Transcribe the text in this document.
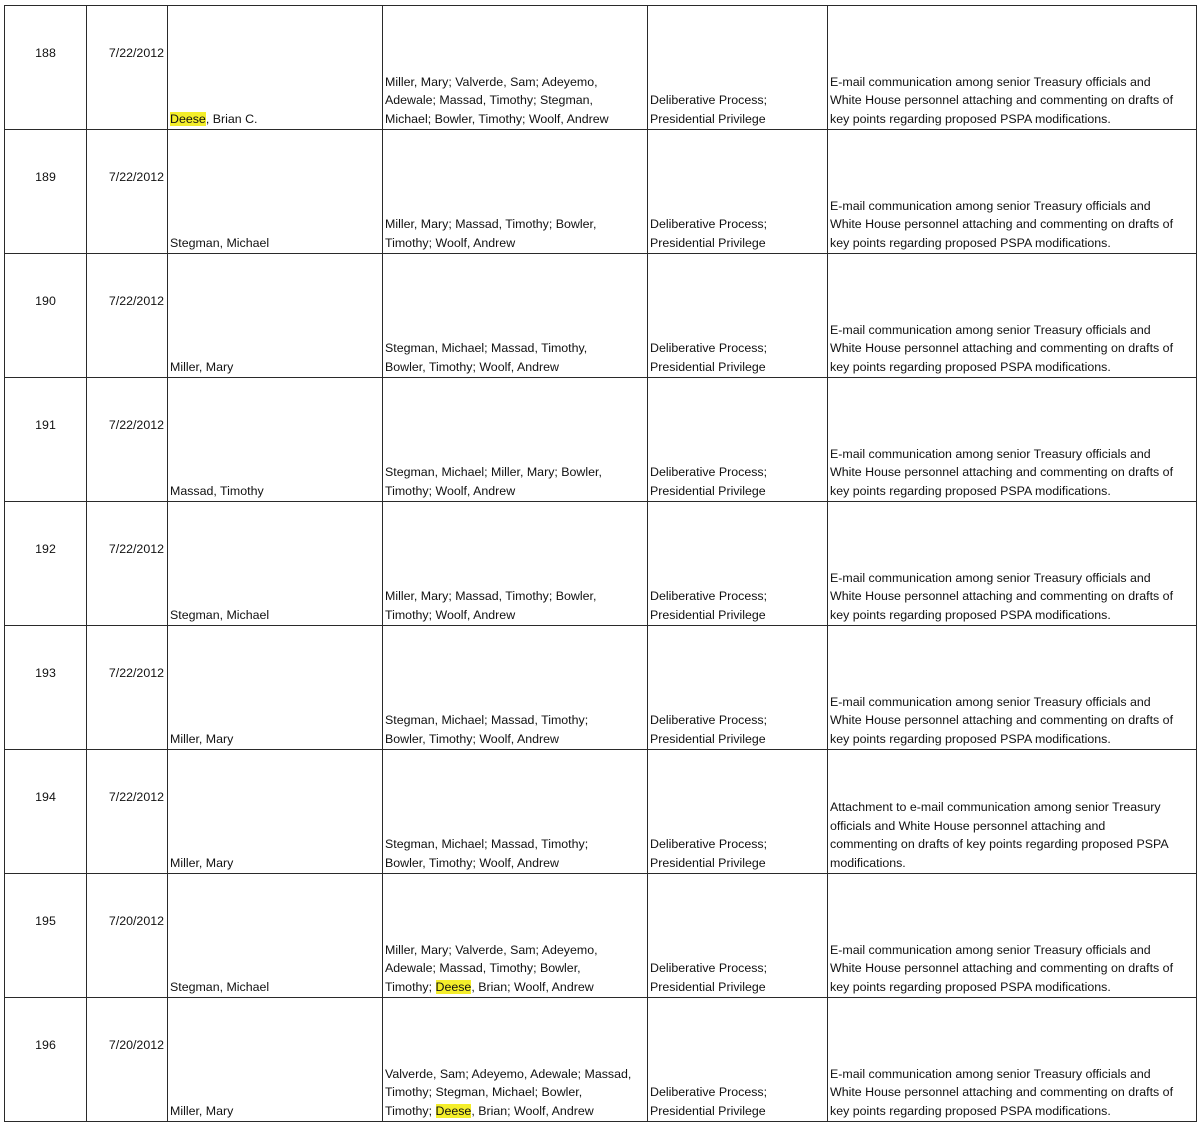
188	7/22/2012	Deese, Brian C.	Miller, Mary; Valverde, Sam; Adeyemo,
Adewale; Massad, Timothy; Stegman,
Michael; Bowler, Timothy; Woolf, Andrew	Deliberative Process;
Presidential Privilege	E-mail communication among senior Treasury officials and
White House personnel attaching and commenting on drafts of
key points regarding proposed PSPA modifications.
189	7/22/2012	Stegman, Michael	Miller, Mary; Massad, Timothy; Bowler,
Timothy; Woolf, Andrew	Deliberative Process;
Presidential Privilege	E-mail communication among senior Treasury officials and
White House personnel attaching and commenting on drafts of
key points regarding proposed PSPA modifications.
190	7/22/2012	Miller, Mary	Stegman, Michael; Massad, Timothy,
Bowler, Timothy; Woolf, Andrew	Deliberative Process;
Presidential Privilege	E-mail communication among senior Treasury officials and
White House personnel attaching and commenting on drafts of
key points regarding proposed PSPA modifications.
191	7/22/2012	Massad, Timothy	Stegman, Michael; Miller, Mary; Bowler,
Timothy; Woolf, Andrew	Deliberative Process;
Presidential Privilege	E-mail communication among senior Treasury officials and
White House personnel attaching and commenting on drafts of
key points regarding proposed PSPA modifications.
192	7/22/2012	Stegman, Michael	Miller, Mary; Massad, Timothy; Bowler,
Timothy; Woolf, Andrew	Deliberative Process;
Presidential Privilege	E-mail communication among senior Treasury officials and
White House personnel attaching and commenting on drafts of
key points regarding proposed PSPA modifications.
193	7/22/2012	Miller, Mary	Stegman, Michael; Massad, Timothy;
Bowler, Timothy; Woolf, Andrew	Deliberative Process;
Presidential Privilege	E-mail communication among senior Treasury officials and
White House personnel attaching and commenting on drafts of
key points regarding proposed PSPA modifications.
194	7/22/2012	Miller, Mary	Stegman, Michael; Massad, Timothy;
Bowler, Timothy; Woolf, Andrew	Deliberative Process;
Presidential Privilege	Attachment to e-mail communication among senior Treasury
officials and White House personnel attaching and
commenting on drafts of key points regarding proposed PSPA
modifications.
195	7/20/2012	Stegman, Michael	Miller, Mary; Valverde, Sam; Adeyemo,
Adewale; Massad, Timothy; Bowler,
Timothy; Deese, Brian; Woolf, Andrew	Deliberative Process;
Presidential Privilege	E-mail communication among senior Treasury officials and
White House personnel attaching and commenting on drafts of
key points regarding proposed PSPA modifications.
196	7/20/2012	Miller, Mary	Valverde, Sam; Adeyemo, Adewale; Massad,
Timothy; Stegman, Michael; Bowler,
Timothy; Deese, Brian; Woolf, Andrew	Deliberative Process;
Presidential Privilege	E-mail communication among senior Treasury officials and
White House personnel attaching and commenting on drafts of
key points regarding proposed PSPA modifications.
